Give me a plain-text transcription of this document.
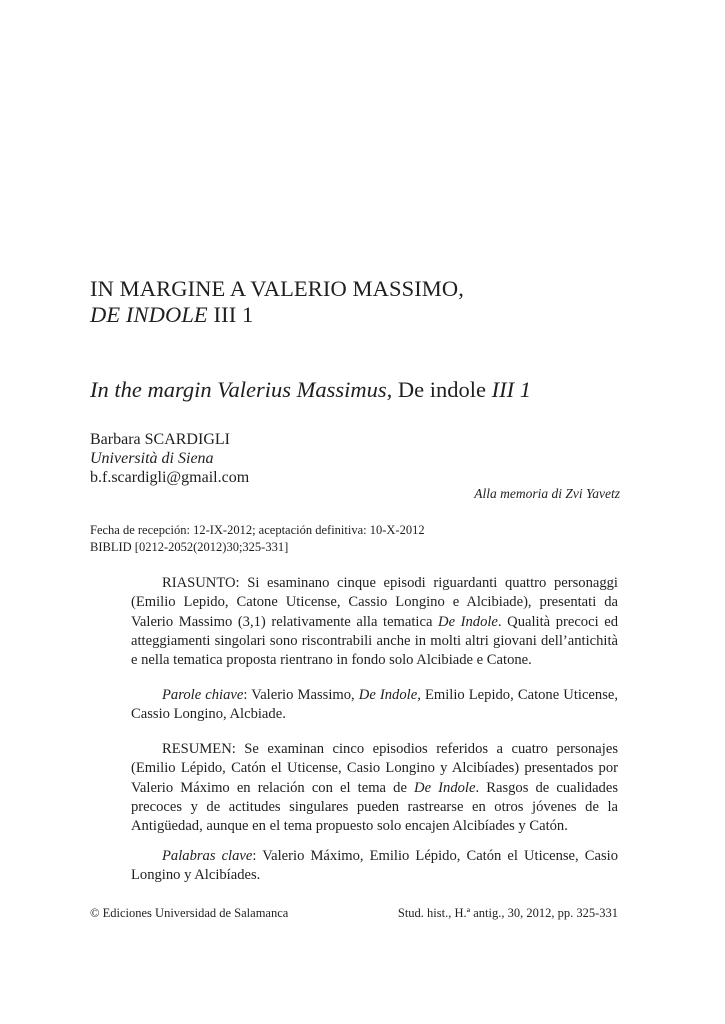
IN MARGINE A VALERIO MASSIMO,
DE INDOLE III 1
In the margin Valerius Massimus, De indole III 1
Barbara SCARDIGLI
Università di Siena
b.f.scardigli@gmail.com
Alla memoria di Zvi Yavetz
Fecha de recepción: 12-IX-2012; aceptación definitiva: 10-X-2012
BIBLID [0212-2052(2012)30;325-331]

RIASUNTO: Si esaminano cinque episodi riguardanti quattro personaggi (Emilio Lepido, Catone Uticense, Cassio Longino e Alcibiade), presentati da Valerio Massimo (3,1) relativamente alla tematica De Indole. Qualità precoci ed atteggiamenti singolari sono riscontrabili anche in molti altri giovani dell’antichità e nella tematica proposta rientrano in fondo solo Alcibiade e Catone.

Parole chiave: Valerio Massimo, De Indole, Emilio Lepido, Catone Uticense, Cassio Longino, Alcbiade.

RESUMEN: Se examinan cinco episodios referidos a cuatro personajes (Emilio Lépido, Catón el Uticense, Casio Longino y Alcibíades) presentados por Valerio Máximo en relación con el tema de De Indole. Rasgos de cualidades precoces y de actitudes singulares pueden rastrearse en otros jóvenes de la Antigüedad, aunque en el tema propuesto solo encajen Alcibíades y Catón.

Palabras clave: Valerio Máximo, Emilio Lépido, Catón el Uticense, Casio Longino y Alcibíades.

© Ediciones Universidad de Salamanca	Stud. hist., H.ª antig., 30, 2012, pp. 325-331
